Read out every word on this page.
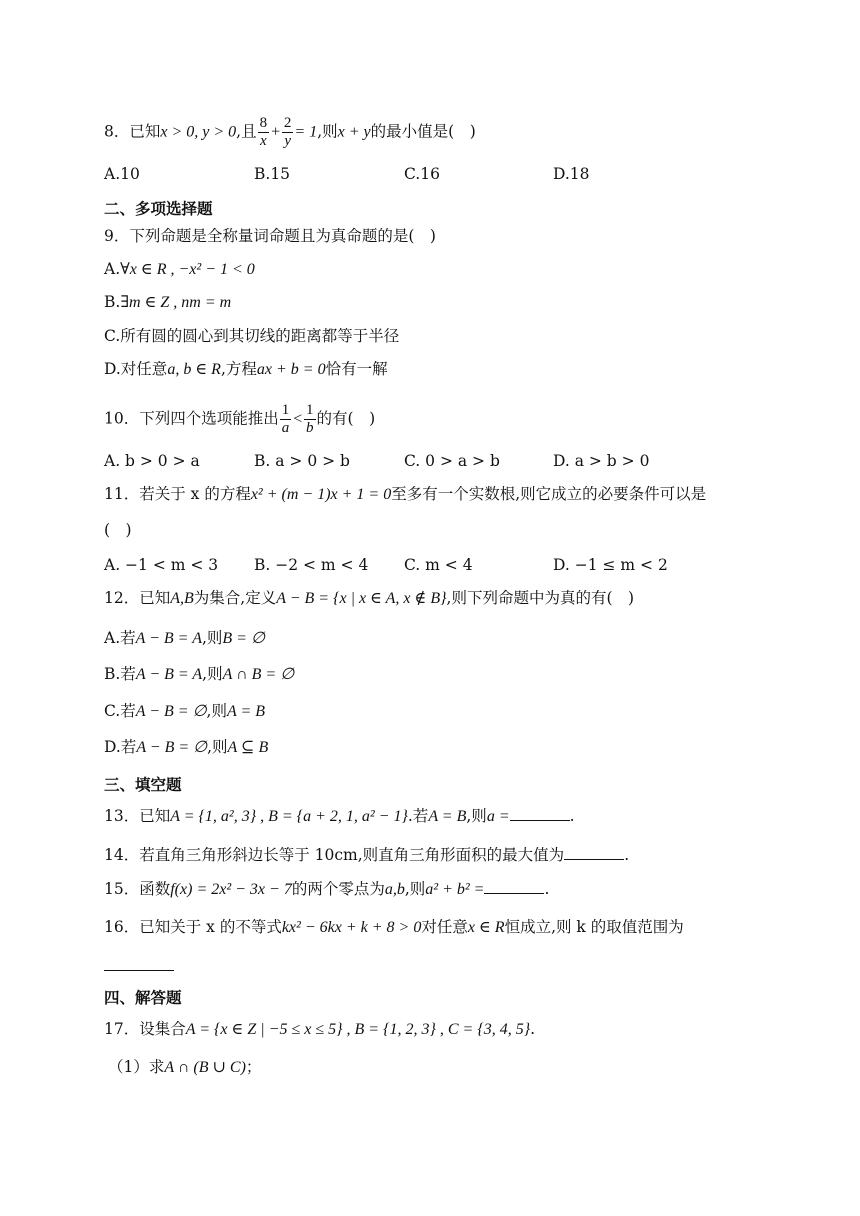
8．已知x > 0, y > 0,且 $\frac{8}{x} + \frac{2}{y} = 1$,则x + y的最小值是(　)
A.10	B.15	C.16	D.18
二、多项选择题
9．下列命题是全称量词命题且为真命题的是(　)
A.∀x ∈ R , −x² − 1 < 0
B.∃m ∈ Z , nm = m
C.所有圆的圆心到其切线的距离都等于半径
D.对任意a, b ∈ R,方程ax + b = 0恰有一解
10．下列四个选项能推出 $\frac{1}{a} < \frac{1}{b}$ 的有(　)
A. b > 0 > a	B. a > 0 > b	C. 0 > a > b	D. a > b > 0
11．若关于 x 的方程x² + (m − 1)x + 1 = 0至多有一个实数根,则它成立的必要条件可以是
(　)
A. −1 < m < 3 B. −2 < m < 4 C. m < 4	D. −1 ≤ m < 2
12．已知A,B为集合,定义A − B = {x | x ∈ A, x ∉ B},则下列命题中为真的有(　)
A.若A − B = A,则B = ∅
B.若A − B = A,则A ∩ B = ∅
C.若A − B = ∅,则A = B
D.若A − B = ∅,则A ⊆ B
三、填空题
13．已知A = {1, a², 3} , B = {a + 2, 1, a² − 1}.若A = B,则a =	.
14．若直角三角形斜边长等于 10cm,则直角三角形面积的最大值为	.
15．函数f(x) = 2x² − 3x − 7的两个零点为a,b,则a² + b² =	.
16．已知关于 x 的不等式kx² − 6kx + k + 8 > 0对任意x ∈ R恒成立,则 k 的取值范围为
四、解答题
17．设集合A = {x ∈ Z | −5 ≤ x ≤ 5} , B = {1, 2, 3} , C = {3, 4, 5}.
（1）求A ∩ (B ∪ C)；
